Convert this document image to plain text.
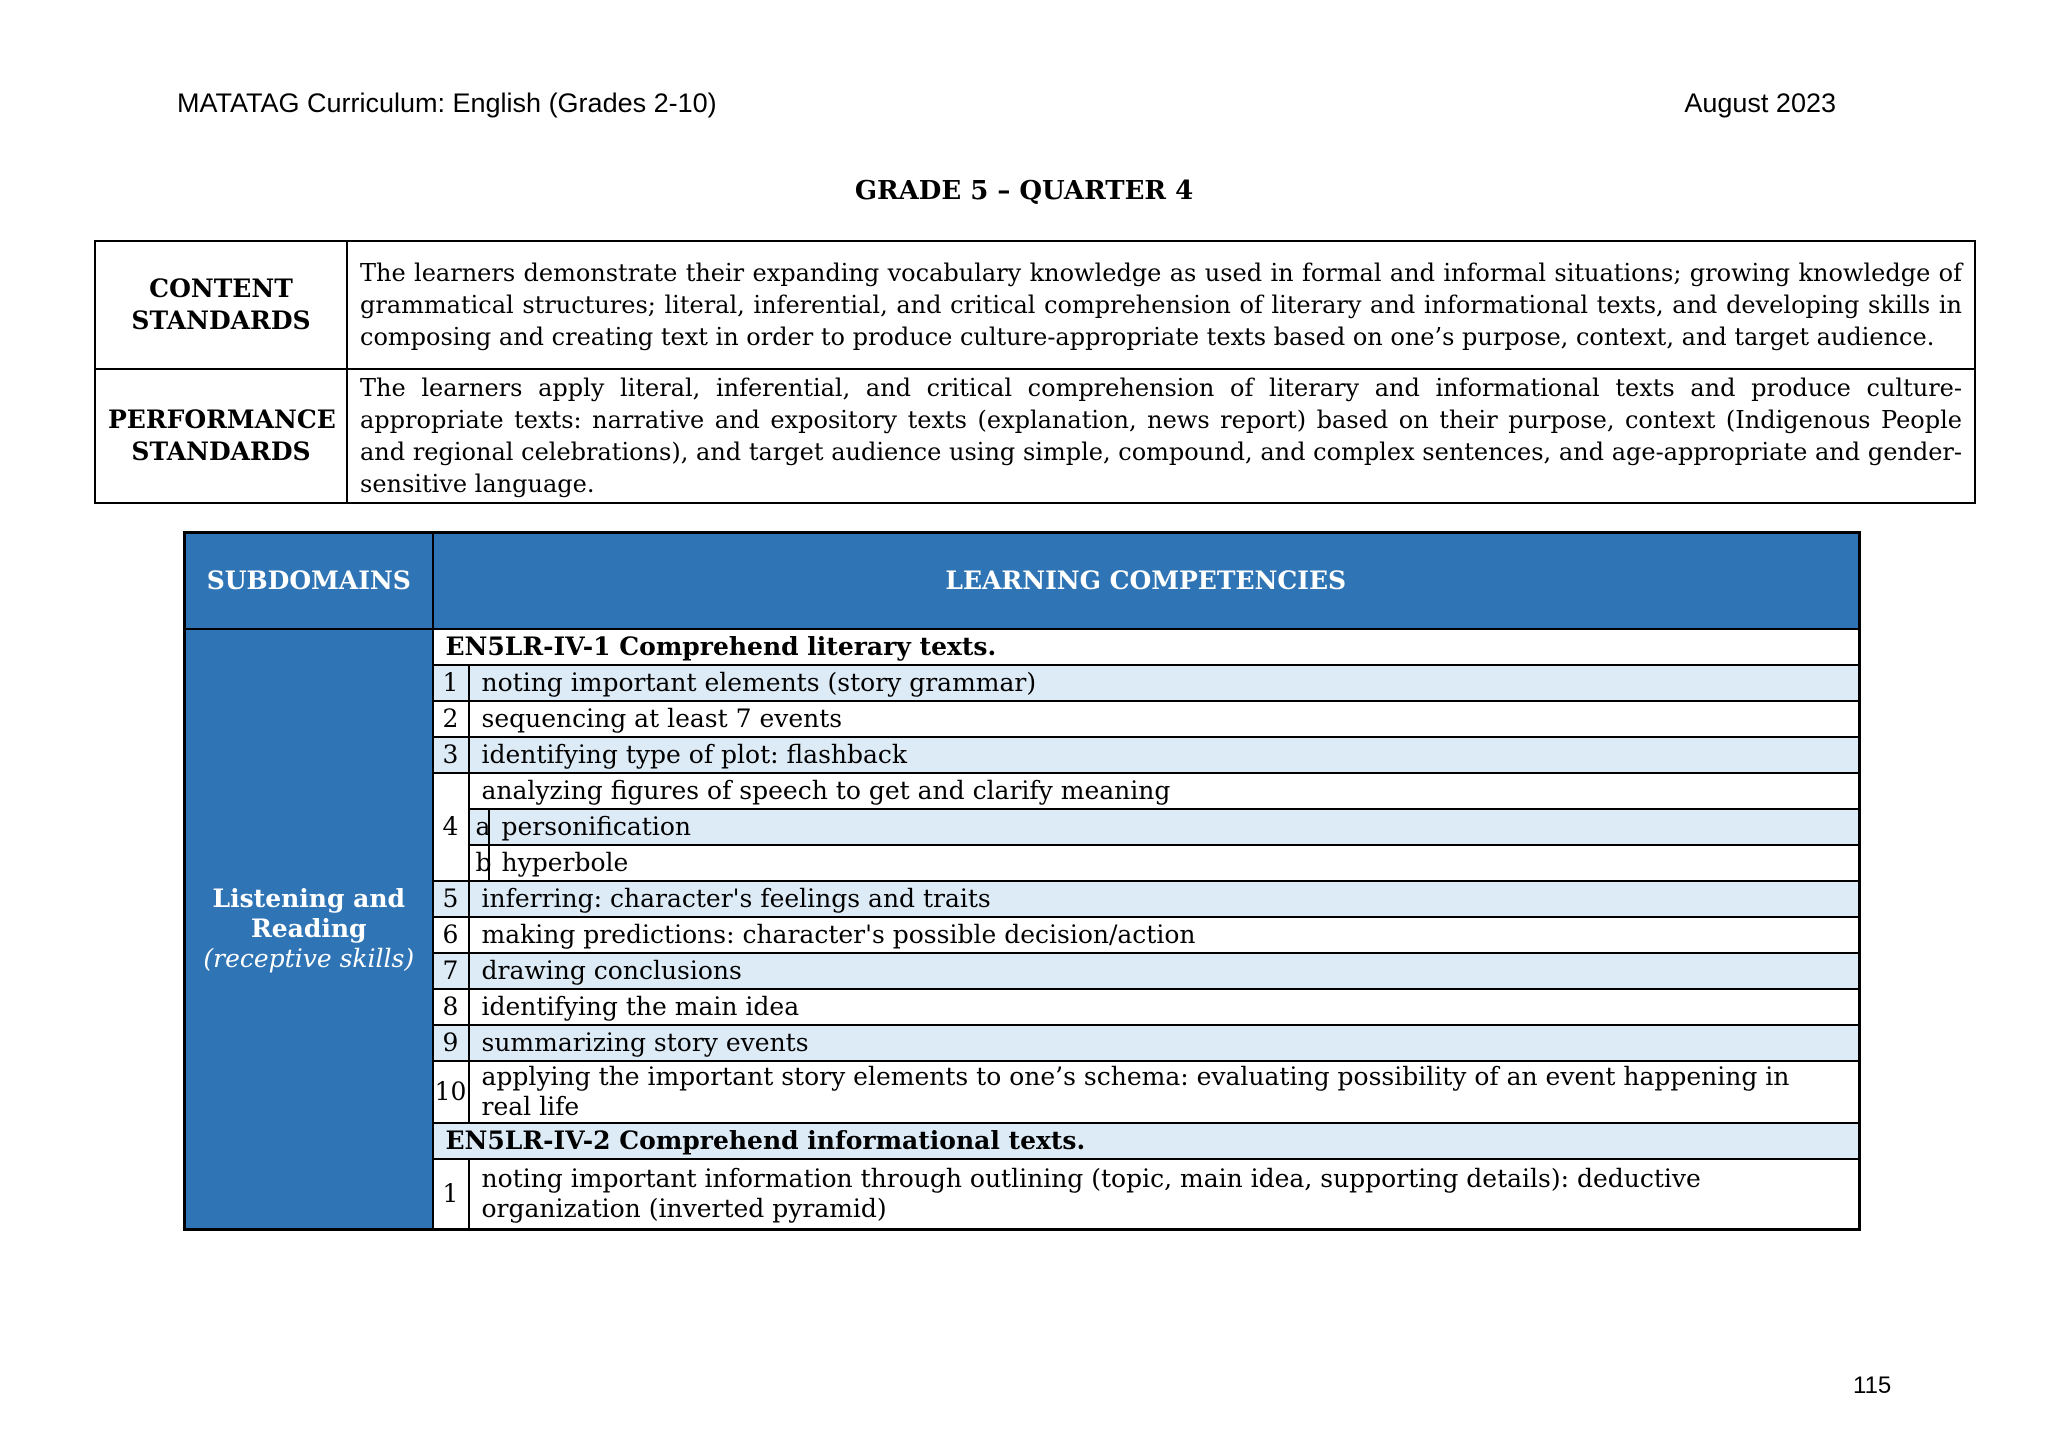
MATATAG Curriculum: English (Grades 2-10)	August 2023
GRADE 5 – QUARTER 4
CONTENT STANDARDS	The learners demonstrate their expanding vocabulary knowledge as used in formal and informal situations; growing knowledge of grammatical structures; literal, inferential, and critical comprehension of literary and informational texts, and developing skills in composing and creating text in order to produce culture-appropriate texts based on one’s purpose, context, and target audience.
PERFORMANCE STANDARDS	The learners apply literal, inferential, and critical comprehension of literary and informational texts and produce culture-appropriate texts: narrative and expository texts (explanation, news report) based on their purpose, context (Indigenous People and regional celebrations), and target audience using simple, compound, and complex sentences, and age-appropriate and gender-sensitive language.
SUBDOMAINS	LEARNING COMPETENCIES		

Listening and Reading
(receptive skills)	EN5LR-IV-1 Comprehend literary texts.		
	1	noting important elements (story grammar)	
	2	sequencing at least 7 events	
	3	identifying type of plot: flashback	
	4	analyzing figures of speech to get and clarify meaning	
		a	personification
		b	hyperbole
	5	inferring: character's feelings and traits	
	6	making predictions: character's possible decision/action	
	7	drawing conclusions	
	8	identifying the main idea	
	9	summarizing story events	
	10	applying the important story elements to one’s schema: evaluating possibility of an event happening in real life	
	EN5LR-IV-2 Comprehend informational texts.		
	1	noting important information through outlining (topic, main idea, supporting details): deductive organization (inverted pyramid)	
115
